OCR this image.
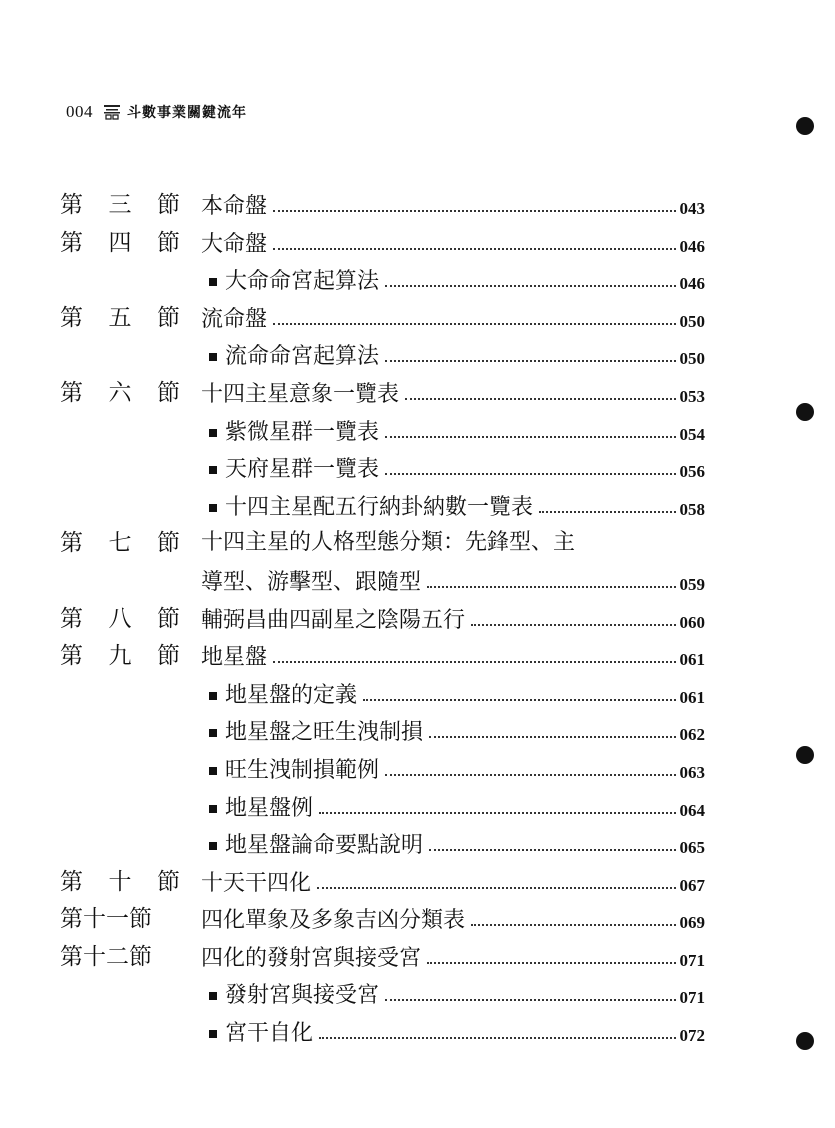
004 斗數事業關鍵流年
第 三 節 本命盤	043
第 四 節 大命盤	046
大命命宮起算法	046
第 五 節 流命盤	050
流命命宮起算法	050
第 六 節 十四主星意象一覽表	053
紫微星群一覽表	054
天府星群一覽表	056
十四主星配五行納卦納數一覽表	058
第 七 節 十四主星的人格型態分類：先鋒型、主
導型、游擊型、跟隨型	059
第 八 節 輔弼昌曲四副星之陰陽五行	060
第 九 節 地星盤	061
地星盤的定義	061
地星盤之旺生洩制損	062
旺生洩制損範例	063
地星盤例	064
地星盤論命要點說明	065
第 十 節 十天干四化	067
第十一節 四化單象及多象吉凶分類表	069
第十二節 四化的發射宮與接受宮	071
發射宮與接受宮	071
宮干自化	072
